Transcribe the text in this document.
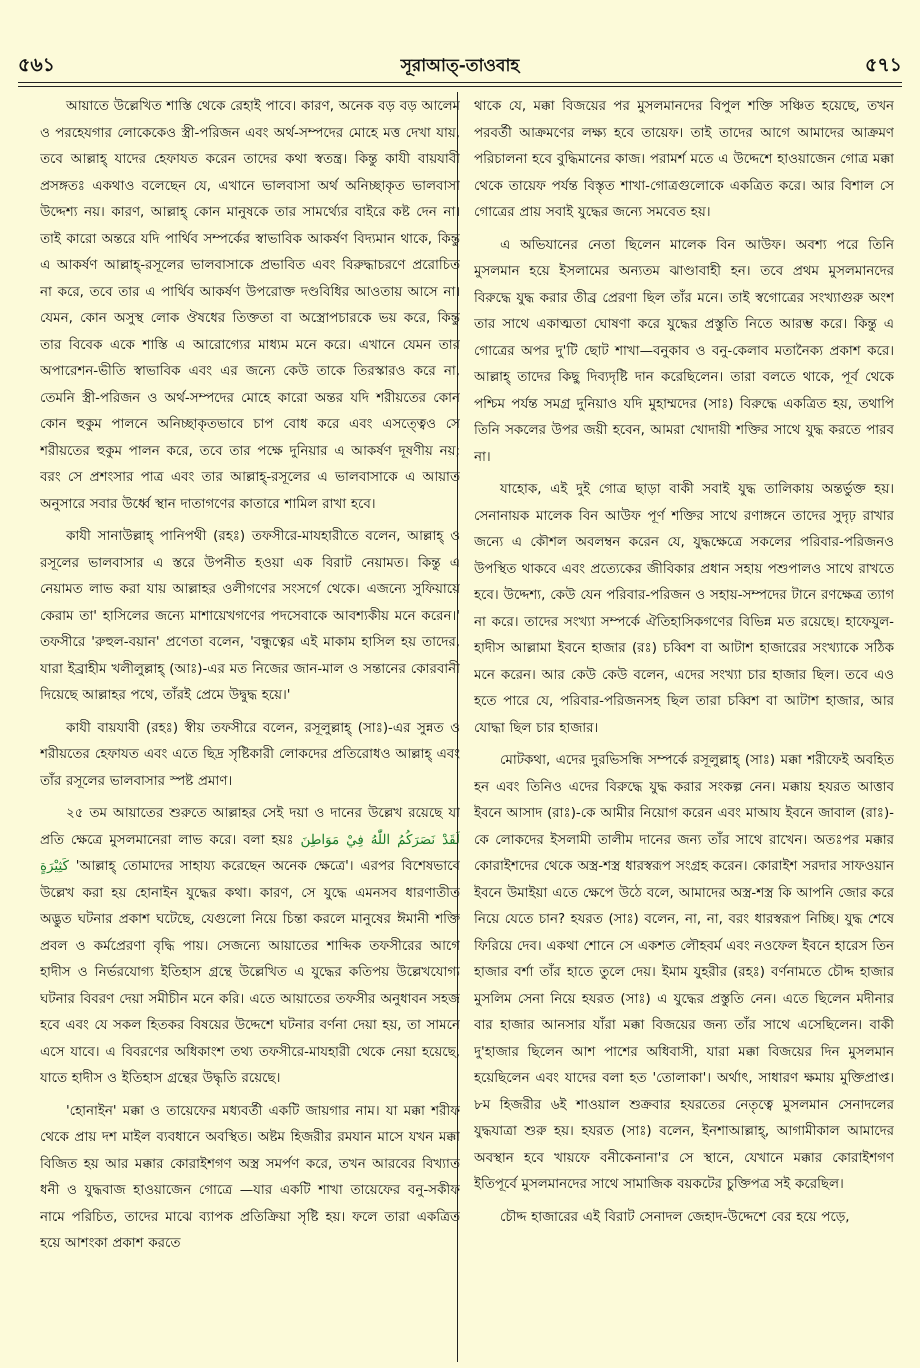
৫৬১	সূরাআত্-তাওবাহ	৫৭১

আয়াতে উল্লেখিত শাস্তি থেকে রেহাই পাবে। কারণ, অনেক বড় বড় আলেম ও পরহেযগার লোকেকেও স্ত্রী-পরিজন এবং অর্থ-সম্পদের মোহে মত্ত দেখা যায়, তবে আল্লাহ্ যাদের হেফাযত করেন তাদের কথা স্বতন্ত্র। কিন্তু কাযী বায়যাবী প্রসঙ্গতঃ একথাও বলেছেন যে, এখানে ভালবাসা অর্থ অনিচ্ছাকৃত ভালবাসা উদ্দেশ্য নয়। কারণ, আল্লাহ্ কোন মানুষকে তার সামর্থ্যের বাইরে কষ্ট দেন না। তাই কারো অন্তরে যদি পার্থিব সম্পর্কের স্বাভাবিক আকর্ষণ বিদ্যমান থাকে, কিন্তু এ আকর্ষণ আল্লাহ্-রসূলের ভালবাসাকে প্রভাবিত এবং বিরুদ্ধাচরণে প্ররোচিত না করে, তবে তার এ পার্থিব আকর্ষণ উপরোক্ত দণ্ডবিধির আওতায় আসে না। যেমন, কোন অসুস্থ লোক ঔষধের তিক্ততা বা অস্ত্রোপচারকে ভয় করে, কিন্তু তার বিবেক একে শাস্তি এ আরোগ্যের মাধ্যম মনে করে। এখানে যেমন তার অপারেশন-ভীতি স্বাভাবিক এবং এর জন্যে কেউ তাকে তিরস্কারও করে না, তেমনি স্ত্রী-পরিজন ও অর্থ-সম্পদের মোহে কারো অন্তর যদি শরীয়তের কোন কোন হুকুম পালনে অনিচ্ছাকৃতভাবে চাপ বোধ করে এবং এসত্ত্বেও সে শরীয়তের হুকুম পালন করে, তবে তার পক্ষে দুনিয়ার এ আকর্ষণ দূষণীয় নয়; বরং সে প্রশংসার পাত্র এবং তার আল্লাহ্-রসূলের এ ভালবাসাকে এ আয়াত অনুসারে সবার উর্ধ্বে স্থান দাতাগণের কাতারে শামিল রাখা হবে।

কাযী সানাউল্লাহ্ পানিপথী (রহঃ) তফসীরে-মাযহারীতে বলেন, আল্লাহ্ ও রসূলের ভালবাসার এ স্তরে উপনীত হওয়া এক বিরাট নেয়ামত। কিন্তু এ নেয়ামত লাভ করা যায় আল্লাহর ওলীগণের সংসর্গে থেকে। এজন্যে সুফিয়ায়ে কেরাম তা' হাসিলের জন্যে মাশায়েখগণের পদসেবাকে আবশ্যকীয় মনে করেন।' তফসীরে 'রুহুল-বয়ান' প্রণেতা বলেন, 'বন্ধুত্বের এই মাকাম হাসিল হয় তাদের, যারা ইব্রাহীম খলীলুল্লাহ্ (আঃ)-এর মত নিজের জান-মাল ও সন্তানের কোরবানী দিয়েছে আল্লাহর পথে, তাঁরই প্রেমে উদ্বুদ্ধ হয়ে।'

কাযী বায়যাবী (রহঃ) স্বীয় তফসীরে বলেন, রসূলুল্লাহ্ (সাঃ)-এর সুন্নত ও শরীয়তের হেফাযত এবং এতে ছিদ্র সৃষ্টিকারী লোকদের প্রতিরোধও আল্লাহ্ এবং তাঁর রসূলের ভালবাসার স্পষ্ট প্রমাণ।

২৫ তম আয়াতের শুরুতে আল্লাহর সেই দয়া ও দানের উল্লেখ রয়েছে যা প্রতি ক্ষেত্রে মুসলমানেরা লাভ করে। বলা হয়ঃ لَقَدْ نَصَرَكُمُ اللّٰهُ فِيْ مَوَاطِنَ كَثِيْرَةٍ 'আল্লাহ্ তোমাদের সাহায্য করেছেন অনেক ক্ষেত্রে'। এরপর বিশেষভাবে উল্লেখ করা হয় হোনাইন যুদ্ধের কথা। কারণ, সে যুদ্ধে এমনসব ধারণাতীত অদ্ভুত ঘটনার প্রকাশ ঘটেছে, যেগুলো নিয়ে চিন্তা করলে মানুষের ঈমানী শক্তি প্রবল ও কর্মপ্রেরণা বৃদ্ধি পায়। সেজন্যে আয়াতের শাব্দিক তফসীরের আগে হাদীস ও নির্ভরযোগ্য ইতিহাস গ্রন্থে উল্লেখিত এ যুদ্ধের কতিপয় উল্লেখযোগ্য ঘটনার বিবরণ দেয়া সমীচীন মনে করি। এতে আয়াতের তফসীর অনুধাবন সহজ হবে এবং যে সকল হিতকর বিষয়ের উদ্দেশে ঘটনার বর্ণনা দেয়া হয়, তা সামনে এসে যাবে। এ বিবরণের অধিকাংশ তথ্য তফসীরে-মাযহারী থেকে নেয়া হয়েছে, যাতে হাদীস ও ইতিহাস গ্রন্থের উদ্ধৃতি রয়েছে।

'হোনাইন' মক্কা ও তায়েফের মধ্যবর্তী একটি জায়গার নাম। যা মক্কা শরীফ থেকে প্রায় দশ মাইল ব্যবধানে অবস্থিত। অষ্টম হিজরীর রমযান মাসে যখন মক্কা বিজিত হয় আর মক্কার কোরাইশগণ অস্ত্র সমর্পণ করে, তখন আরবের বিখ্যাত ধনী ও যুদ্ধবাজ হাওয়াজেন গোত্রে —যার একটি শাখা তায়েফের বনু-সকীফ নামে পরিচিত, তাদের মাঝে ব্যাপক প্রতিক্রিয়া সৃষ্টি হয়। ফলে তারা একত্রিত হয়ে আশংকা প্রকাশ করতে

থাকে যে, মক্কা বিজয়ের পর মুসলমানদের বিপুল শক্তি সঞ্চিত হয়েছে, তখন পরবর্তী আক্রমণের লক্ষ্য হবে তায়েফ। তাই তাদের আগে আমাদের আক্রমণ পরিচালনা হবে বুদ্ধিমানের কাজ। পরামর্শ মতে এ উদ্দেশে হাওয়াজেন গোত্র মক্কা থেকে তায়েফ পর্যন্ত বিস্তৃত শাখা-গোত্রগুলোকে একত্রিত করে। আর বিশাল সে গোত্রের প্রায় সবাই যুদ্ধের জন্যে সমবেত হয়।

এ অভিযানের নেতা ছিলেন মালেক বিন আউফ। অবশ্য পরে তিনি মুসলমান হয়ে ইসলামের অন্যতম ঝাণ্ডাবাহী হন। তবে প্রথম মুসলমানদের বিরুদ্ধে যুদ্ধ করার তীব্র প্রেরণা ছিল তাঁর মনে। তাই স্বগোত্রের সংখ্যাগুরু অংশ তার সাথে একাত্মতা ঘোষণা করে যুদ্ধের প্রস্তুতি নিতে আরম্ভ করে। কিন্তু এ গোত্রের অপর দু'টি ছোট শাখা—বনুকাব ও বনু-কেলাব মতানৈক্য প্রকাশ করে। আল্লাহ্ তাদের কিছু দিব্যদৃষ্টি দান করেছিলেন। তারা বলতে থাকে, পূর্ব থেকে পশ্চিম পর্যন্ত সমগ্র দুনিয়াও যদি মুহাম্মদের (সাঃ) বিরুদ্ধে একত্রিত হয়, তথাপি তিনি সকলের উপর জয়ী হবেন, আমরা খোদায়ী শক্তির সাথে যুদ্ধ করতে পারব না।

যাহোক, এই দুই গোত্র ছাড়া বাকী সবাই যুদ্ধ তালিকায় অন্তর্ভুক্ত হয়। সেনানায়ক মালেক বিন আউফ পূর্ণ শক্তির সাথে রণাঙ্গনে তাদের সুদৃঢ় রাখার জন্যে এ কৌশল অবলম্বন করেন যে, যুদ্ধক্ষেত্রে সকলের পরিবার-পরিজনও উপস্থিত থাকবে এবং প্রত্যেকের জীবিকার প্রধান সহায় পশুপালও সাথে রাখতে হবে। উদ্দেশ্য, কেউ যেন পরিবার-পরিজন ও সহায়-সম্পদের টানে রণক্ষেত্র ত্যাগ না করে। তাদের সংখ্যা সম্পর্কে ঐতিহাসিকগণের বিভিন্ন মত রয়েছে। হাফেযুল-হাদীস আল্লামা ইবনে হাজার (রঃ) চব্বিশ বা আটাশ হাজারের সংখ্যাকে সঠিক মনে করেন। আর কেউ কেউ বলেন, এদের সংখ্যা চার হাজার ছিল। তবে এও হতে পারে যে, পরিবার-পরিজনসহ ছিল তারা চব্বিশ বা আটাশ হাজার, আর যোদ্ধা ছিল চার হাজার।

মোটকথা, এদের দুরভিসন্ধি সম্পর্কে রসূলুল্লাহ্ (সাঃ) মক্কা শরীফেই অবহিত হন এবং তিনিও এদের বিরুদ্ধে যুদ্ধ করার সংকল্প নেন। মক্কায় হযরত আত্তাব ইবনে আসাদ (রাঃ)-কে আমীর নিয়োগ করেন এবং মাআয ইবনে জাবাল (রাঃ)-কে লোকদের ইসলামী তালীম দানের জন্য তাঁর সাথে রাখেন। অতঃপর মক্কার কোরাইশদের থেকে অস্ত্র-শস্ত্র ধারস্বরূপ সংগ্রহ করেন। কোরাইশ সরদার সাফওয়ান ইবনে উমাইয়া এতে ক্ষেপে উঠে বলে, আমাদের অস্ত্র-শস্ত্র কি আপনি জোর করে নিয়ে যেতে চান? হযরত (সাঃ) বলেন, না, না, বরং ধারস্বরূপ নিচ্ছি। যুদ্ধ শেষে ফিরিয়ে দেব। একথা শোনে সে একশত লৌহবর্ম এবং নওফেল ইবনে হারেস তিন হাজার বর্শা তাঁর হাতে তুলে দেয়। ইমাম যুহরীর (রহঃ) বর্ণনামতে চৌদ্দ হাজার মুসলিম সেনা নিয়ে হযরত (সাঃ) এ যুদ্ধের প্রস্তুতি নেন। এতে ছিলেন মদীনার বার হাজার আনসার যাঁরা মক্কা বিজয়ের জন্য তাঁর সাথে এসেছিলেন। বাকী দু'হাজার ছিলেন আশ পাশের অধিবাসী, যারা মক্কা বিজয়ের দিন মুসলমান হয়েছিলেন এবং যাদের বলা হত 'তোলাকা'। অর্থাৎ, সাধারণ ক্ষমায় মুক্তিপ্রাপ্ত। ৮ম হিজরীর ৬ই শাওয়াল শুক্রবার হযরতের নেতৃত্বে মুসলমান সেনাদলের যুদ্ধযাত্রা শুরু হয়। হযরত (সাঃ) বলেন, ইনশাআল্লাহ্, আগামীকাল আমাদের অবস্থান হবে খায়ফে বনীকেনানা'র সে স্থানে, যেখানে মক্কার কোরাইশগণ ইতিপূর্বে মুসলমানদের সাথে সামাজিক বয়কটের চুক্তিপত্র সই করেছিল।

চৌদ্দ হাজারের এই বিরাট সেনাদল জেহাদ-উদ্দেশে বের হয়ে পড়ে,
